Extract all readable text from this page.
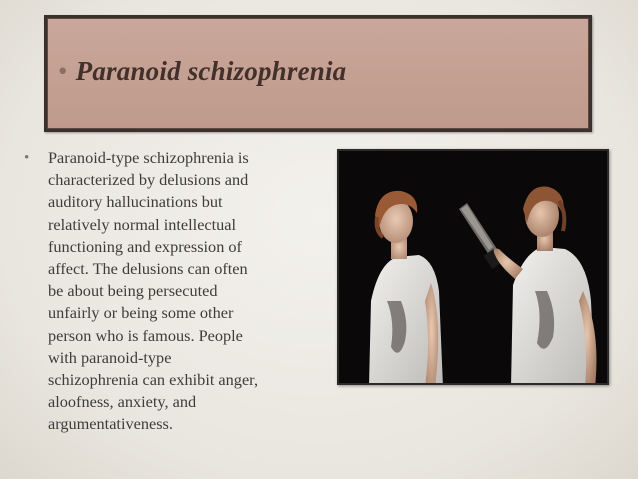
• Paranoid schizophrenia
• Paranoid-type schizophrenia is
characterized by delusions and
auditory hallucinations but
relatively normal intellectual
functioning and expression of
affect. The delusions can often
be about being persecuted
unfairly or being some other
person who is famous. People
with paranoid-type
schizophrenia can exhibit anger,
aloofness, anxiety, and
argumentativeness.
